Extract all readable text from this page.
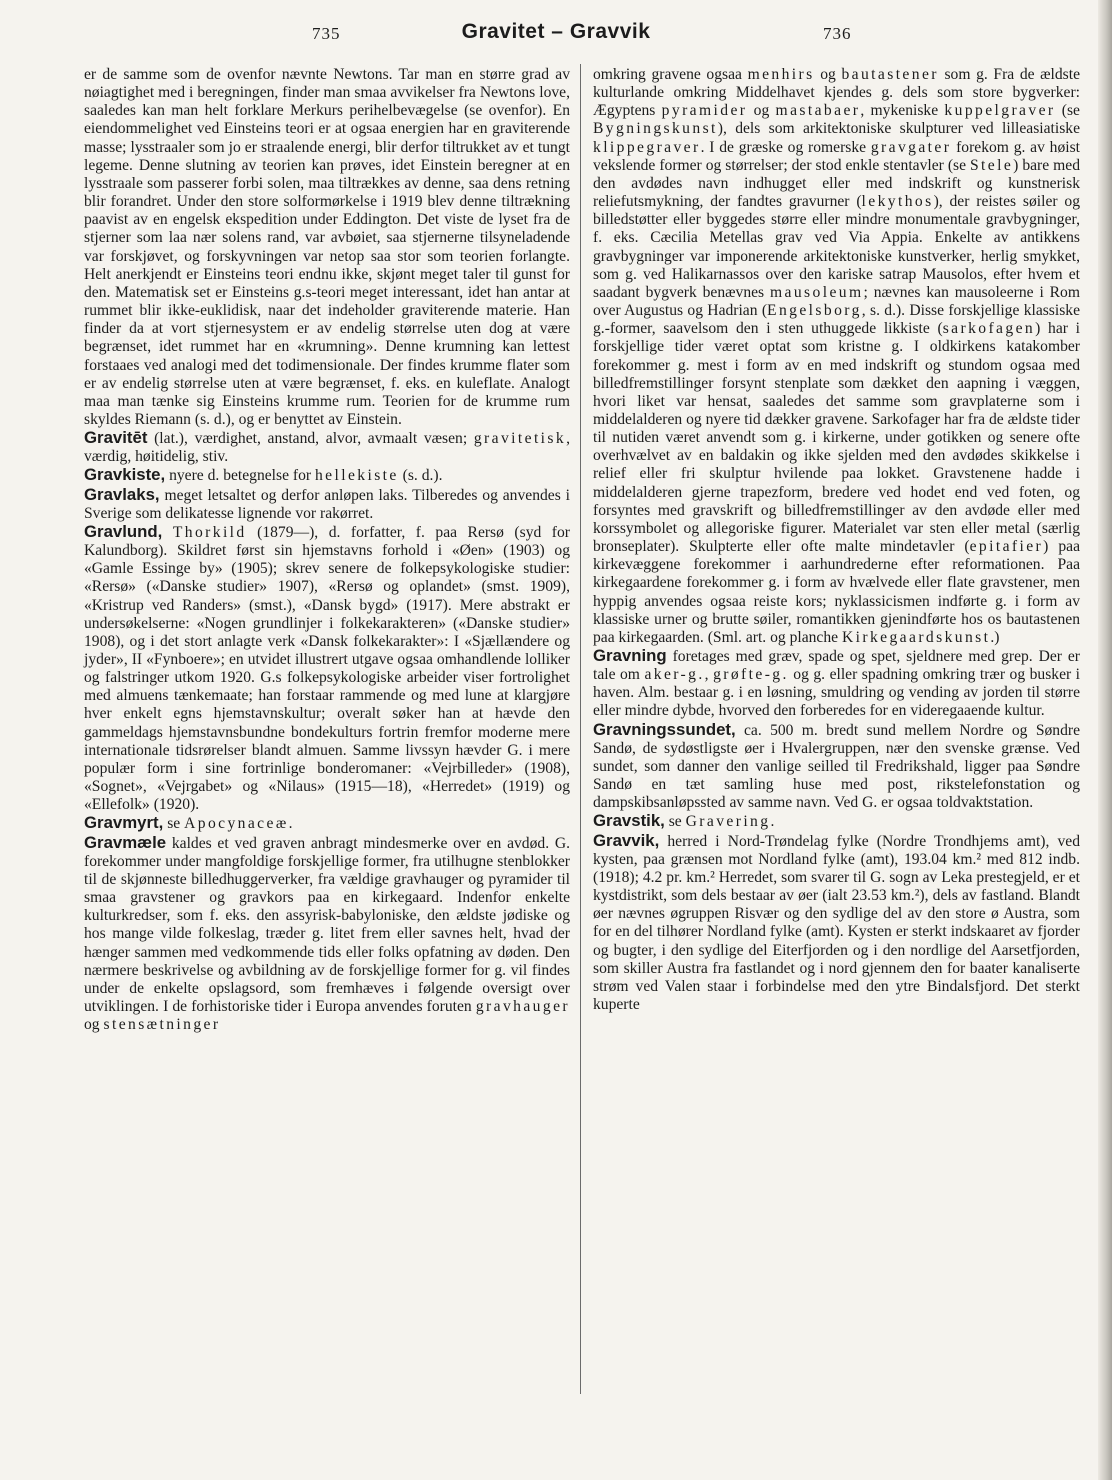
735	Gravitet – Gravvik	736

er de samme som de ovenfor nævnte Newtons. Tar man en større grad av nøiagtighet med i beregningen, finder man smaa avvikelser fra Newtons love, saaledes kan man helt forklare Merkurs perihelbevægelse (se ovenfor). En eiendommelighet ved Einsteins teori er at ogsaa energien har en graviterende masse; lysstraaler som jo er straalende energi, blir derfor tiltrukket av et tungt legeme. Denne slutning av teorien kan prøves, idet Einstein beregner at en lysstraale som passerer forbi solen, maa tiltrækkes av denne, saa dens retning blir forandret. Under den store solformørkelse i 1919 blev denne tiltrækning paavist av en engelsk ekspedition under Eddington. Det viste de lyset fra de stjerner som laa nær solens rand, var avbøiet, saa stjernerne tilsyneladende var forskjøvet, og forskyvningen var netop saa stor som teorien forlangte. Helt anerkjendt er Einsteins teori endnu ikke, skjønt meget taler til gunst for den. Matematisk set er Einsteins g.s-teori meget interessant, idet han antar at rummet blir ikke-euklidisk, naar det indeholder graviterende materie. Han finder da at vort stjernesystem er av endelig størrelse uten dog at være begrænset, idet rummet har en «krumning». Denne krumning kan lettest forstaaes ved analogi med det todimensionale. Der findes krumme flater som er av endelig størrelse uten at være begrænset, f. eks. en kuleflate. Analogt maa man tænke sig Einsteins krumme rum. Teorien for de krumme rum skyldes Riemann (s. d.), og er benyttet av Einstein.

Gravitēt (lat.), værdighet, anstand, alvor, avmaalt væsen; gravitetisk, værdig, høitidelig, stiv.

Gravkiste, nyere d. betegnelse for hellekiste (s. d.).

Gravlaks, meget letsaltet og derfor anløpen laks. Tilberedes og anvendes i Sverige som delikatesse lignende vor rakørret.

Gravlund, Thorkild (1879—), d. forfatter, f. paa Rersø (syd for Kalundborg). Skildret først sin hjemstavns forhold i «Øen» (1903) og «Gamle Essinge by» (1905); skrev senere de folkepsykologiske studier: «Rersø» («Danske studier» 1907), «Rersø og oplandet» (smst. 1909), «Kristrup ved Randers» (smst.), «Dansk bygd» (1917). Mere abstrakt er undersøkelserne: «Nogen grundlinjer i folkekarakteren» («Danske studier» 1908), og i det stort anlagte verk «Dansk folkekarakter»: I «Sjællændere og jyder», II «Fynboere»; en utvidet illustrert utgave ogsaa omhandlende lolliker og falstringer utkom 1920. G.s folkepsykologiske arbeider viser fortrolighet med almuens tænkemaate; han forstaar rammende og med lune at klargjøre hver enkelt egns hjemstavnskultur; overalt søker han at hævde den gammeldags hjemstavnsbundne bondekulturs fortrin fremfor moderne mere internationale tidsrørelser blandt almuen. Samme livssyn hævder G. i mere populær form i sine fortrinlige bonderomaner: «Vejrbilleder» (1908), «Sognet», «Vejrgabet» og «Nilaus» (1915—18), «Herredet» (1919) og «Ellefolk» (1920).

Gravmyrt, se Apocynaceæ.

Gravmæle kaldes et ved graven anbragt mindesmerke over en avdød. G. forekommer under mangfoldige forskjellige former, fra utilhugne stenblokker til de skjønneste billedhuggerverker, fra vældige gravhauger og pyramider til smaa gravstener og gravkors paa en kirkegaard. Indenfor enkelte kulturkredser, som f. eks. den assyrisk-babyloniske, den ældste jødiske og hos mange vilde folkeslag, træder g. litet frem eller savnes helt, hvad der hænger sammen med vedkommende tids eller folks opfatning av døden. Den nærmere beskrivelse og avbildning av de forskjellige former for g. vil findes under de enkelte opslagsord, som fremhæves i følgende oversigt over utviklingen. I de forhistoriske tider i Europa anvendes foruten gravhauger og stensætninger

omkring gravene ogsaa menhirs og bautastener som g. Fra de ældste kulturlande omkring Middelhavet kjendes g. dels som store bygverker: Ægyptens pyramider og mastabaer, mykeniske kuppelgraver (se Bygningskunst), dels som arkitektoniske skulpturer ved lilleasiatiske klippegraver. I de græske og romerske gravgater forekom g. av høist vekslende former og størrelser; der stod enkle stentavler (se Stele) bare med den avdødes navn indhugget eller med indskrift og kunstnerisk reliefutsmykning, der fandtes gravurner (lekythos), der reistes søiler og billedstøtter eller byggedes større eller mindre monumentale gravbygninger, f. eks. Cæcilia Metellas grav ved Via Appia. Enkelte av antikkens gravbygninger var imponerende arkitektoniske kunstverker, herlig smykket, som g. ved Halikarnassos over den kariske satrap Mausolos, efter hvem et saadant bygverk benævnes mausoleum; nævnes kan mausoleerne i Rom over Augustus og Hadrian (Engelsborg, s. d.). Disse forskjellige klassiske g.-former, saavelsom den i sten uthuggede likkiste (sarkofagen) har i forskjellige tider været optat som kristne g. I oldkirkens katakomber forekommer g. mest i form av en med indskrift og stundom ogsaa med billedfremstillinger forsynt stenplate som dækket den aapning i væggen, hvori liket var hensat, saaledes det samme som gravplaterne som i middelalderen og nyere tid dækker gravene. Sarkofager har fra de ældste tider til nutiden været anvendt som g. i kirkerne, under gotikken og senere ofte overhvælvet av en baldakin og ikke sjelden med den avdødes skikkelse i relief eller fri skulptur hvilende paa lokket. Gravstenene hadde i middelalderen gjerne trapezform, bredere ved hodet end ved foten, og forsyntes med gravskrift og billedfremstillinger av den avdøde eller med korssymbolet og allegoriske figurer. Materialet var sten eller metal (særlig bronseplater). Skulpterte eller ofte malte mindetavler (epitafier) paa kirkevæggene forekommer i aarhundrederne efter reformationen. Paa kirkegaardene forekommer g. i form av hvælvede eller flate gravstener, men hyppig anvendes ogsaa reiste kors; nyklassicismen indførte g. i form av klassiske urner og brutte søiler, romantikken gjenindførte hos os bautastenen paa kirkegaarden. (Sml. art. og planche Kirkegaardskunst.)

Gravning foretages med græv, spade og spet, sjeldnere med grep. Der er tale om aker-g., grøfte-g. og g. eller spadning omkring trær og busker i haven. Alm. bestaar g. i en løsning, smuldring og vending av jorden til større eller mindre dybde, hvorved den forberedes for en videregaaende kultur.

Gravningssundet, ca. 500 m. bredt sund mellem Nordre og Søndre Sandø, de sydøstligste øer i Hvalergruppen, nær den svenske grænse. Ved sundet, som danner den vanlige seilled til Fredrikshald, ligger paa Søndre Sandø en tæt samling huse med post, rikstelefonstation og dampskibsanløpssted av samme navn. Ved G. er ogsaa toldvaktstation.

Gravstik, se Gravering.

Gravvik, herred i Nord-Trøndelag fylke (Nordre Trondhjems amt), ved kysten, paa grænsen mot Nordland fylke (amt), 193.04 km.² med 812 indb. (1918); 4.2 pr. km.² Herredet, som svarer til G. sogn av Leka prestegjeld, er et kystdistrikt, som dels bestaar av øer (ialt 23.53 km.²), dels av fastland. Blandt øer nævnes øgruppen Risvær og den sydlige del av den store ø Austra, som for en del tilhører Nordland fylke (amt). Kysten er sterkt indskaaret av fjorder og bugter, i den sydlige del Eiterfjorden og i den nordlige del Aarsetfjorden, som skiller Austra fra fastlandet og i nord gjennem den for baater kanaliserte strøm ved Valen staar i forbindelse med den ytre Bindalsfjord. Det sterkt kuperte
